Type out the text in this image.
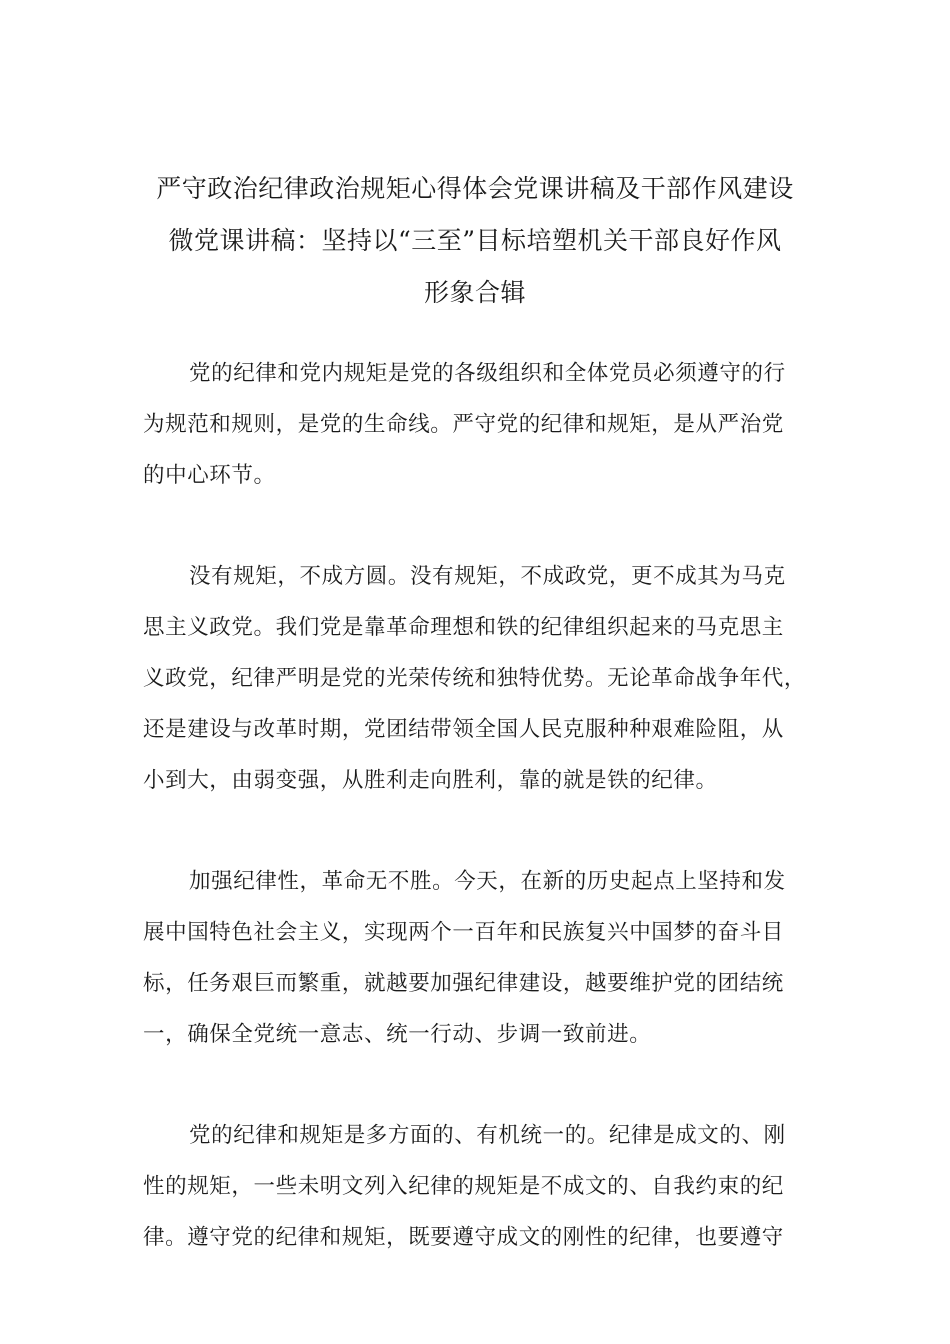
严守政治纪律政治规矩心得体会党课讲稿及干部作风建设
微党课讲稿：坚持以“三至”目标培塑机关干部良好作风
形象合辑
党的纪律和党内规矩是党的各级组织和全体党员必须遵守的行
为规范和规则，是党的生命线。严守党的纪律和规矩，是从严治党
的中心环节。
没有规矩，不成方圆。没有规矩，不成政党，更不成其为马克
思主义政党。我们党是靠革命理想和铁的纪律组织起来的马克思主
义政党，纪律严明是党的光荣传统和独特优势。无论革命战争年代，
还是建设与改革时期，党团结带领全国人民克服种种艰难险阻，从
小到大，由弱变强，从胜利走向胜利，靠的就是铁的纪律。
加强纪律性，革命无不胜。今天，在新的历史起点上坚持和发
展中国特色社会主义，实现两个一百年和民族复兴中国梦的奋斗目
标，任务艰巨而繁重，就越要加强纪律建设，越要维护党的团结统
一，确保全党统一意志、统一行动、步调一致前进。
党的纪律和规矩是多方面的、有机统一的。纪律是成文的、刚
性的规矩，一些未明文列入纪律的规矩是不成文的、自我约束的纪
律。遵守党的纪律和规矩，既要遵守成文的刚性的纪律，也要遵守
